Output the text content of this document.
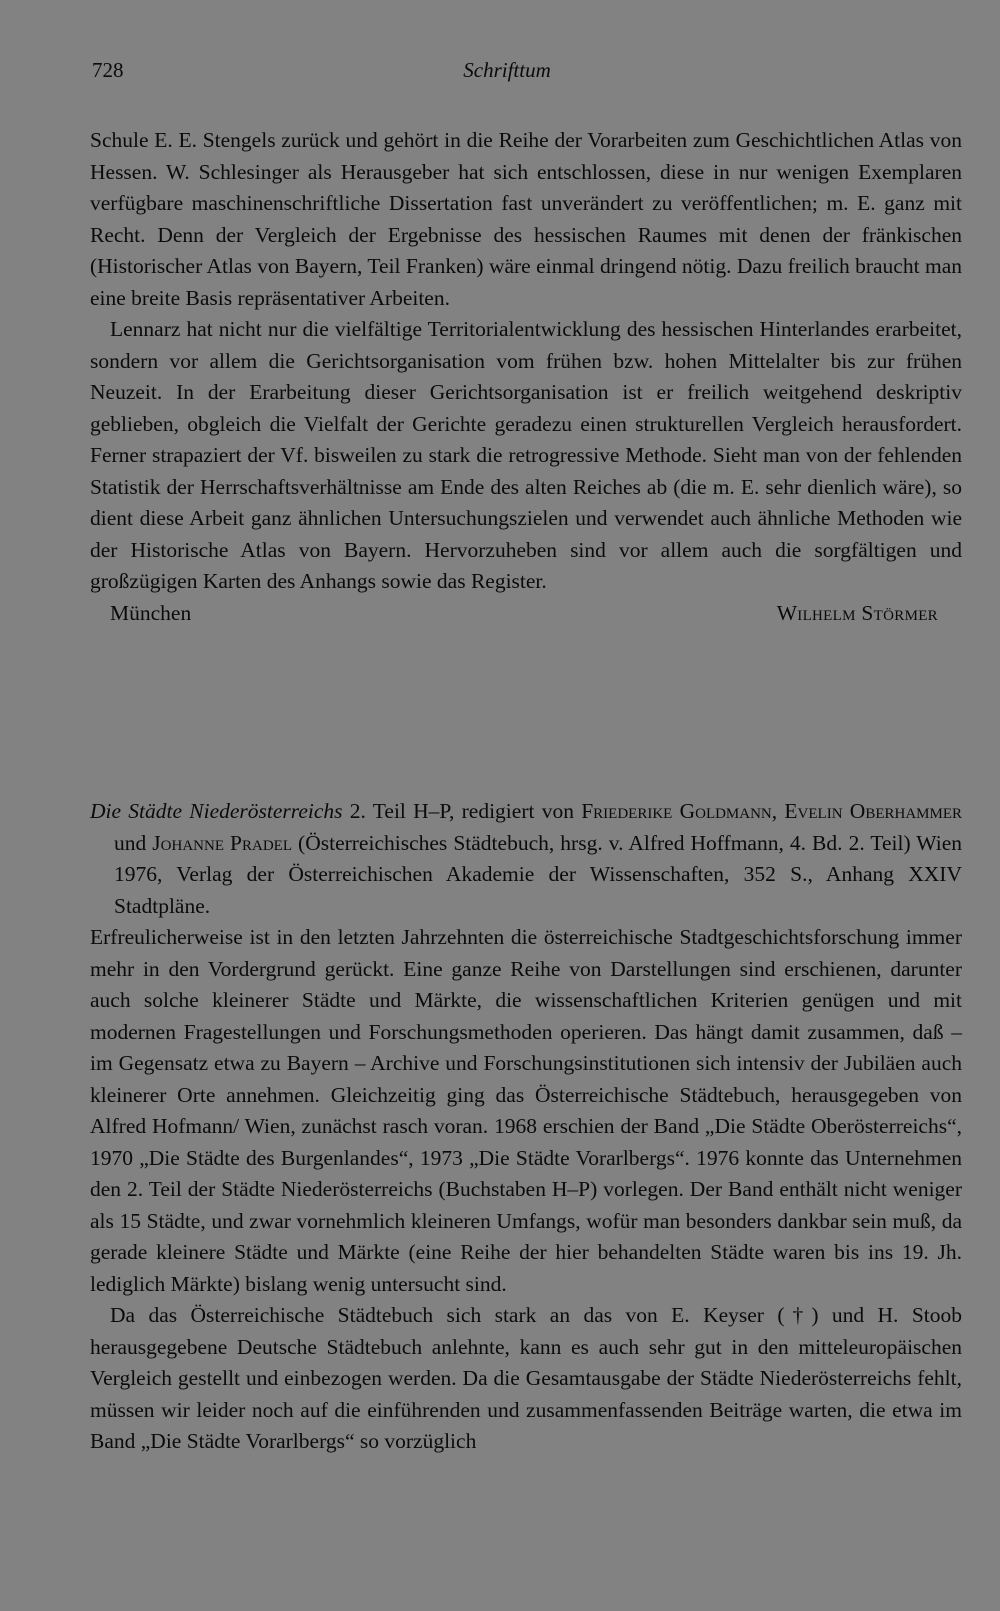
728	Schrifttum

Schule E. E. Stengels zurück und gehört in die Reihe der Vorarbeiten zum Geschichtlichen Atlas von Hessen. W. Schlesinger als Herausgeber hat sich entschlossen, diese in nur wenigen Exemplaren verfügbare maschinenschriftliche Dissertation fast unverändert zu veröffentlichen; m. E. ganz mit Recht. Denn der Vergleich der Ergebnisse des hessischen Raumes mit denen der fränkischen (Historischer Atlas von Bayern, Teil Franken) wäre einmal dringend nötig. Dazu freilich braucht man eine breite Basis repräsentativer Arbeiten.

Lennarz hat nicht nur die vielfältige Territorialentwicklung des hessischen Hinterlandes erarbeitet, sondern vor allem die Gerichtsorganisation vom frühen bzw. hohen Mittelalter bis zur frühen Neuzeit. In der Erarbeitung dieser Gerichtsorganisation ist er freilich weitgehend deskriptiv geblieben, obgleich die Vielfalt der Gerichte geradezu einen strukturellen Vergleich herausfordert. Ferner strapaziert der Vf. bisweilen zu stark die retrogressive Methode. Sieht man von der fehlenden Statistik der Herrschaftsverhältnisse am Ende des alten Reiches ab (die m. E. sehr dienlich wäre), so dient diese Arbeit ganz ähnlichen Untersuchungszielen und verwendet auch ähnliche Methoden wie der Historische Atlas von Bayern. Hervorzuheben sind vor allem auch die sorgfältigen und großzügigen Karten des Anhangs sowie das Register.

München	Wilhelm Störmer

Die Städte Niederösterreichs 2. Teil H–P, redigiert von Friederike Goldmann, Evelin Oberhammer und Johanne Pradel (Österreichisches Städtebuch, hrsg. v. Alfred Hoffmann, 4. Bd. 2. Teil) Wien 1976, Verlag der Österreichischen Akademie der Wissenschaften, 352 S., Anhang XXIV Stadtpläne.

Erfreulicherweise ist in den letzten Jahrzehnten die österreichische Stadtgeschichtsforschung immer mehr in den Vordergrund gerückt. Eine ganze Reihe von Darstellungen sind erschienen, darunter auch solche kleinerer Städte und Märkte, die wissenschaftlichen Kriterien genügen und mit modernen Fragestellungen und Forschungsmethoden operieren. Das hängt damit zusammen, daß – im Gegensatz etwa zu Bayern – Archive und Forschungsinstitutionen sich intensiv der Jubiläen auch kleinerer Orte annehmen. Gleichzeitig ging das Österreichische Städtebuch, herausgegeben von Alfred Hofmann/ Wien, zunächst rasch voran. 1968 erschien der Band „Die Städte Oberösterreichs“, 1970 „Die Städte des Burgenlandes“, 1973 „Die Städte Vorarlbergs“. 1976 konnte das Unternehmen den 2. Teil der Städte Niederösterreichs (Buchstaben H–P) vorlegen. Der Band enthält nicht weniger als 15 Städte, und zwar vornehmlich kleineren Umfangs, wofür man besonders dankbar sein muß, da gerade kleinere Städte und Märkte (eine Reihe der hier behandelten Städte waren bis ins 19. Jh. lediglich Märkte) bislang wenig untersucht sind.

Da das Österreichische Städtebuch sich stark an das von E. Keyser (†) und H. Stoob herausgegebene Deutsche Städtebuch anlehnte, kann es auch sehr gut in den mitteleuropäischen Vergleich gestellt und einbezogen werden. Da die Gesamtausgabe der Städte Niederösterreichs fehlt, müssen wir leider noch auf die einführenden und zusammenfassenden Beiträge warten, die etwa im Band „Die Städte Vorarlbergs“ so vorzüglich
